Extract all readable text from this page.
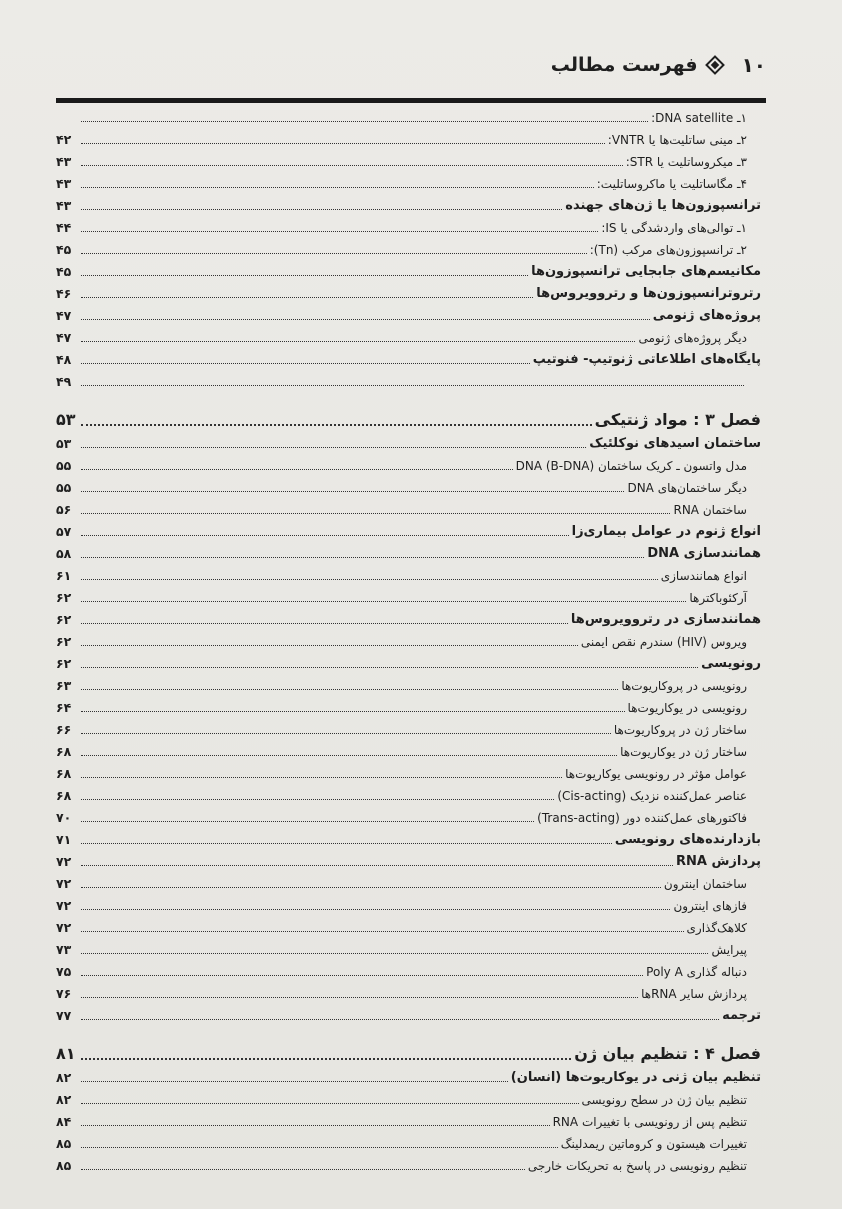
۱۰
فهرست مطالب
۱ـ DNA satellite:
۲ـ مینی ساتلیت‌ها یا VNTR:
۴۲
۳ـ میکروساتلیت یا STR:
۴۳
۴ـ مگاساتلیت یا ماکروساتلیت:
۴۳
ترانسپوزون‌ها یا ژن‌های جهنده
۴۳
۱ـ توالی‌های واردشدگی یا IS:
۴۴
۲ـ ترانسپوزون‌های مرکب (Tn):
۴۵
مکانیسم‌های جابجایی ترانسپوزون‌ها
۴۵
رتروترانسپوزون‌ها و رتروویروس‌ها
۴۶
پروژه‌های ژنومی
۴۷
دیگر پروژه‌های ژنومی
۴۷
پایگاه‌های اطلاعاتی ژنوتیپ- فنوتیپ
۴۸
۴۹
فصل ۳ : مواد ژنتیکی
۵۳
ساختمان اسیدهای نوکلئیک
۵۳
مدل واتسون ـ کریک ساختمان DNA (B-DNA)
۵۵
دیگر ساختمان‌های DNA
۵۵
ساختمان RNA
۵۶
انواع ژنوم در عوامل بیماری‌زا
۵۷
همانندسازی DNA
۵۸
انواع همانندسازی
۶۱
آرکئوباکترها
۶۲
همانندسازی در رتروویروس‌ها
۶۲
ویروس (HIV) سندرم نقص ایمنی
۶۲
رونویسی
۶۲
رونویسی در پروکاریوت‌ها
۶۳
رونویسی در یوکاریوت‌ها
۶۴
ساختار ژن در پروکاریوت‌ها
۶۶
ساختار ژن در یوکاریوت‌ها
۶۸
عوامل مؤثر در رونویسی یوکاریوت‌ها
۶۸
عناصر عمل‌کننده نزدیک (Cis-acting)
۶۸
فاکتورهای عمل‌کننده دور (Trans-acting)
۷۰
بازدارنده‌های رونویسی
۷۱
پردازش RNA
۷۲
ساختمان اینترون
۷۲
فازهای اینترون
۷۲
کلاهک‌گذاری
۷۲
پیرایش
۷۳
دنباله گذاری Poly A
۷۵
پردازش سایر RNAها
۷۶
ترجمه
۷۷
فصل ۴ : تنظیم بیان ژن
۸۱
تنظیم بیان ژنی در یوکاریوت‌ها (انسان)
۸۲
تنظیم بیان ژن در سطح رونویسی
۸۲
تنظیم پس از رونویسی با تغییرات RNA
۸۴
تغییرات هیستون و کروماتین ریمدلینگ
۸۵
تنظیم رونویسی در پاسخ به تحریکات خارجی
۸۵
